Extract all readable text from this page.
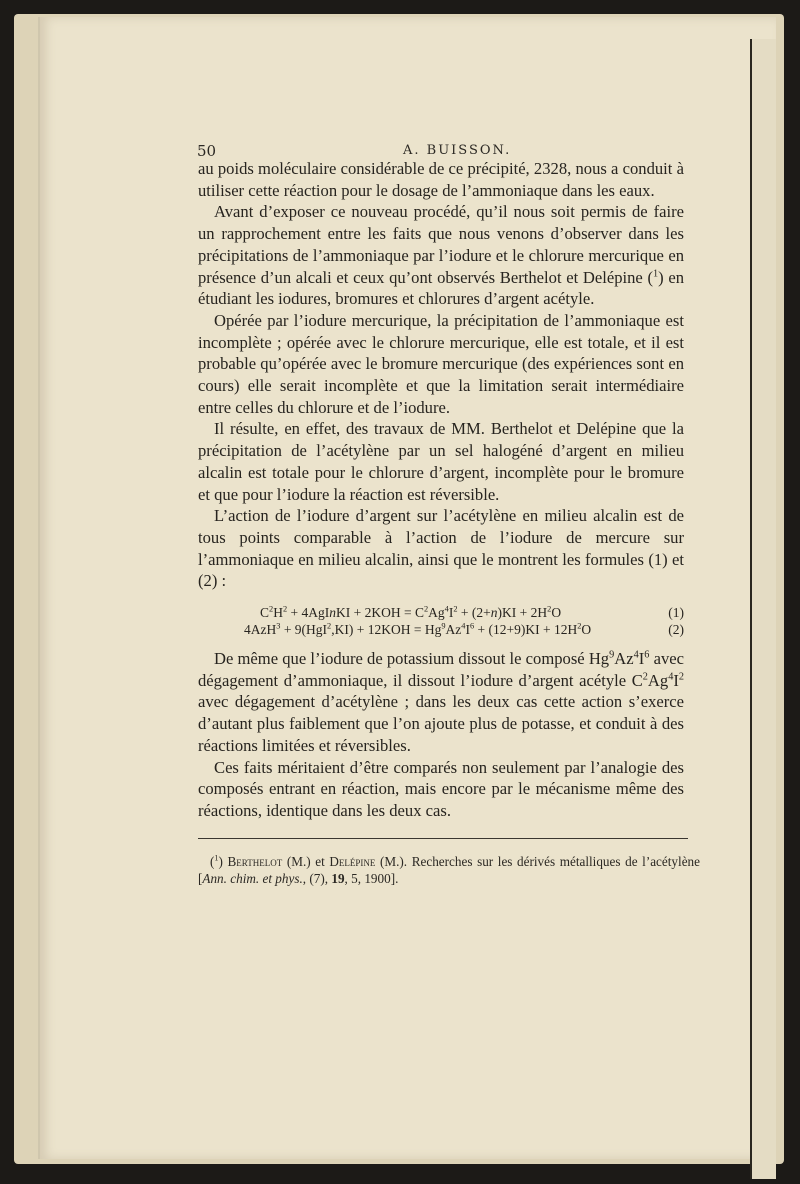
50	A. BUISSON.

au poids moléculaire considérable de ce précipité, 2328, nous a conduit à utiliser cette réaction pour le dosage de l’ammoniaque dans les eaux.

Avant d’exposer ce nouveau procédé, qu’il nous soit permis de faire un rapprochement entre les faits que nous venons d’observer dans les précipitations de l’ammoniaque par l’iodure et le chlorure mercurique en présence d’un alcali et ceux qu’ont observés Berthelot et Delépine ($^1$) en étudiant les iodures, bromures et chlorures d’argent acétyle.

Opérée par l’iodure mercurique, la précipitation de l’ammoniaque est incomplète ; opérée avec le chlorure mercurique, elle est totale, et il est probable qu’opérée avec le bromure mercurique (des expériences sont en cours) elle serait incomplète et que la limitation serait intermédiaire entre celles du chlorure et de l’iodure.

Il résulte, en effet, des travaux de MM. Berthelot et Delépine que la précipitation de l’acétylène par un sel halogéné d’argent en milieu alcalin est totale pour le chlorure d’argent, incomplète pour le bromure et que pour l’iodure la réaction est réversible.

L’action de l’iodure d’argent sur l’acétylène en milieu alcalin est de tous points comparable à l’action de l’iodure de mercure sur l’ammoniaque en milieu alcalin, ainsi que le montrent les formules (1) et (2) :

$C^2H^2$ + 4AgInKI + $2KOH = C^2Ag^4I^2 + (2+n)KI + 2H^2O$	(1)
$4AzH^3 + 9(HgI^2,KI) + 12KOH = Hg^9Az^4I^6 + (12+9)KI + 12H^2O$	(2)

De même que l’iodure de potassium dissout le composé $Hg^9Az^4I^6$ avec dégagement d’ammoniaque, il dissout l’iodure d’argent acétyle $C^2Ag^4I^2$ avec dégagement d’acétylène ; dans les deux cas cette action s’exerce d’autant plus faiblement que l’on ajoute plus de potasse, et conduit à des réactions limitées et réversibles.

Ces faits méritaient d’être comparés non seulement par l’analogie des composés entrant en réaction, mais encore par le mécanisme même des réactions, identique dans les deux cas.

($^1$) Berthelot (M.) et Delépine (M.). Recherches sur les dérivés métalliques de l’acétylène [Ann. chim. et phys., (7), 19, 5, 1900].
